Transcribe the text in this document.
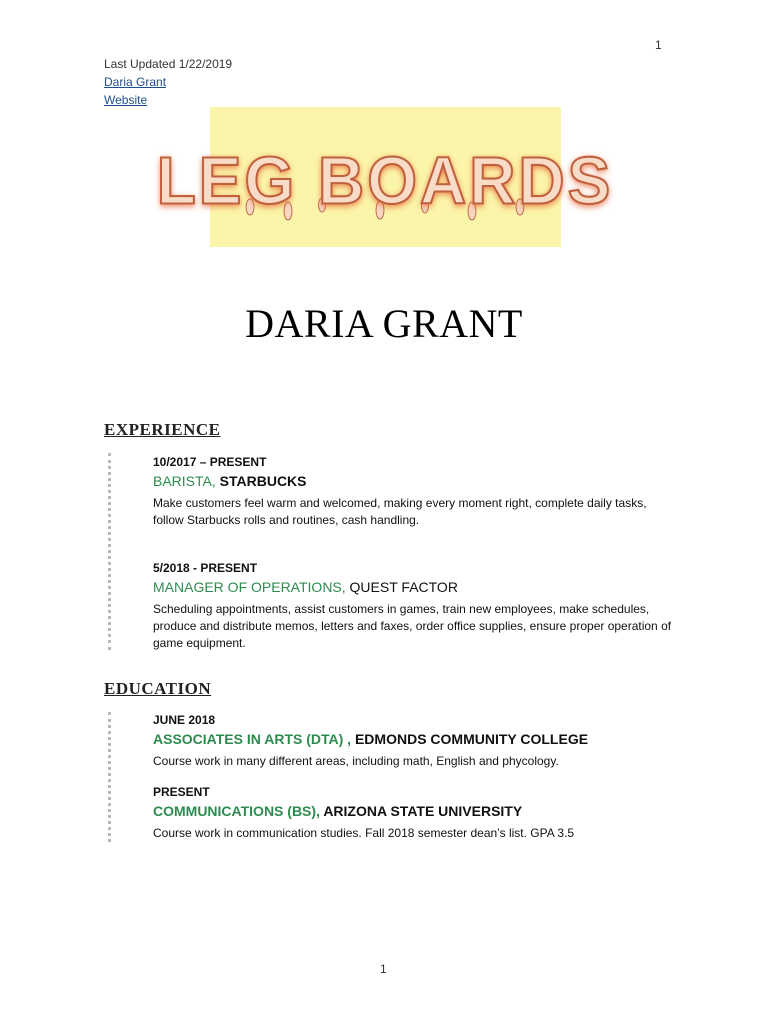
1
Last Updated 1/22/2019
Daria Grant
Website
LEG BOARDS
DARIA GRANT
EXPERIENCE
10/2017 – PRESENT
BARISTA, STARBUCKS
Make customers feel warm and welcomed, making every moment right, complete daily tasks, follow Starbucks rolls and routines, cash handling.
5/2018 - PRESENT
MANAGER OF OPERATIONS, QUEST FACTOR
Scheduling appointments, assist customers in games, train new employees, make schedules, produce and distribute memos, letters and faxes, order office supplies, ensure proper operation of game equipment.
EDUCATION
JUNE 2018
ASSOCIATES IN ARTS (DTA) , EDMONDS COMMUNITY COLLEGE
Course work in many different areas, including math, English and phycology.
PRESENT
COMMUNICATIONS (BS), ARIZONA STATE UNIVERSITY
Course work in communication studies. Fall 2018 semester dean’s list. GPA 3.5
1
